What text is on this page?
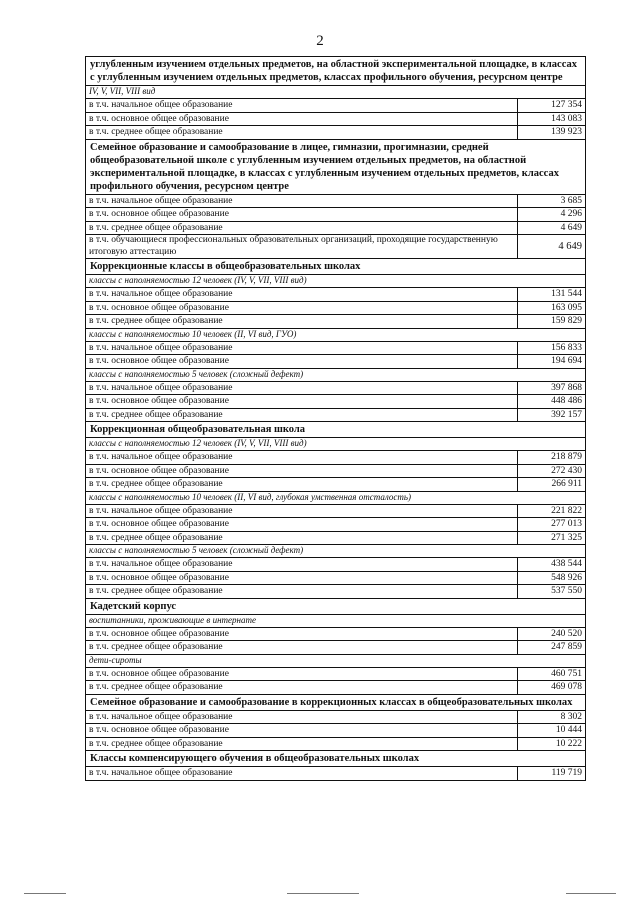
2
углубленным изучением отдельных предметов, на областной экспериментальной площадке, в классах с углубленным изучением отдельных предметов, классах профильного обучения, ресурсном центре	
IV, V, VII, VIII вид	
в т.ч. начальное общее образование	127 354
в т.ч. основное общее образование	143 083
в т.ч. среднее общее образование	139 923
Семейное образование и самообразование в лицее, гимназии, прогимназии, средней общеобразовательной школе с углубленным изучением отдельных предметов, на областной экспериментальной площадке, в классах с углубленным изучением отдельных предметов, классах профильного обучения, ресурсном центре	
в т.ч. начальное общее образование	3 685
в т.ч. основное общее образование	4 296
в т.ч. среднее общее образование	4 649
в т.ч. обучающиеся профессиональных образовательных организаций, проходящие государственную итоговую аттестацию	4 649
Коррекционные классы в общеобразовательных школах	
классы с наполняемостью 12 человек (IV, V, VII, VIII вид)	
в т.ч. начальное общее образование	131 544
в т.ч. основное общее образование	163 095
в т.ч. среднее общее образование	159 829
классы с наполняемостью 10 человек (II, VI вид, ГУО)	
в т.ч. начальное общее образование	156 833
в т.ч. основное общее образование	194 694
классы с наполняемостью 5 человек (сложный дефект)	
в т.ч. начальное общее образование	397 868
в т.ч. основное общее образование	448 486
в т.ч. среднее общее образование	392 157
Коррекционная общеобразовательная школа	
классы с наполняемостью 12 человек (IV, V, VII, VIII вид)	
в т.ч. начальное общее образование	218 879
в т.ч. основное общее образование	272 430
в т.ч. среднее общее образование	266 911
классы с наполняемостью 10 человек (II, VI вид, глубокая умственная отсталость)	
в т.ч. начальное общее образование	221 822
в т.ч. основное общее образование	277 013
в т.ч. среднее общее образование	271 325
классы с наполняемостью 5 человек (сложный дефект)	
в т.ч. начальное общее образование	438 544
в т.ч. основное общее образование	548 926
в т.ч. среднее общее образование	537 550
Кадетский корпус	
воспитанники, проживающие в интернате	
в т.ч. основное общее образование	240 520
в т.ч. среднее общее образование	247 859
дети-сироты	
в т.ч. основное общее образование	460 751
в т.ч. среднее общее образование	469 078
Семейное образование и самообразование в коррекционных классах в общеобразовательных школах	
в т.ч. начальное общее образование	8 302
в т.ч. основное общее образование	10 444
в т.ч. среднее общее образование	10 222
Классы компенсирующего обучения в общеобразовательных школах	
в т.ч. начальное общее образование	119 719
